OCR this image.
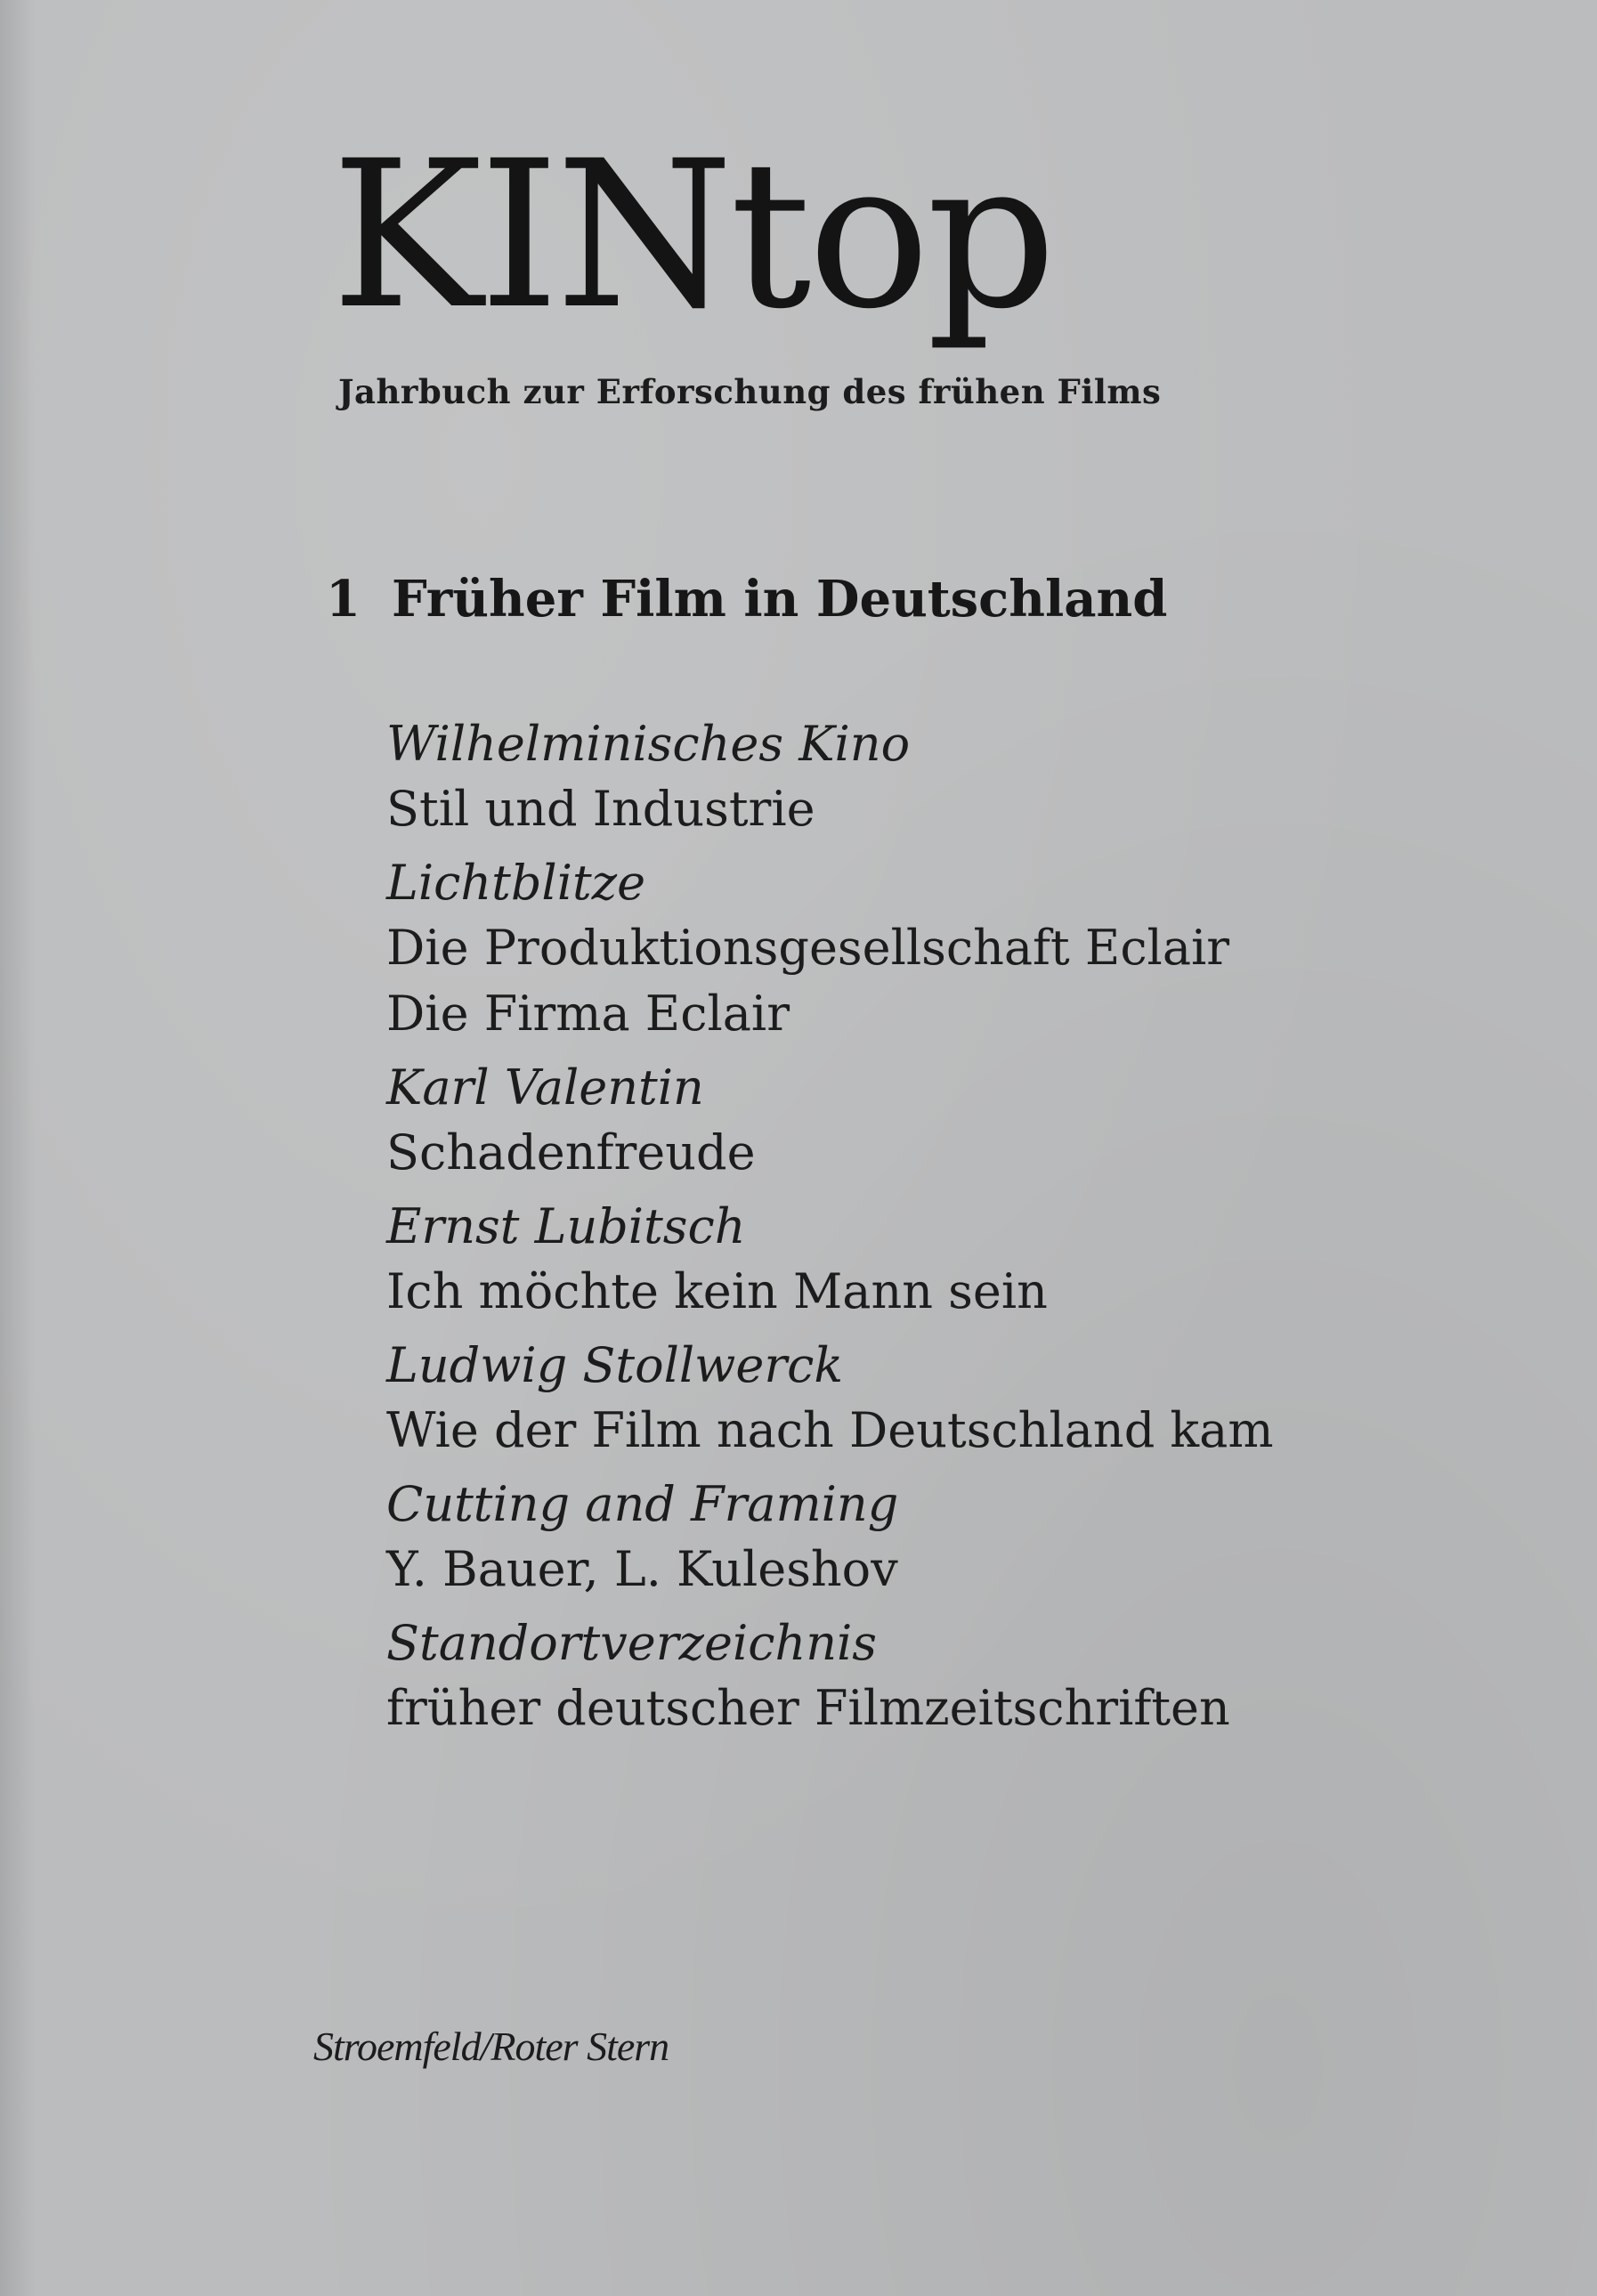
KINtop
Jahrbuch zur Erforschung des frühen Films
1 Früher Film in Deutschland
Wilhelminisches Kino
Stil und Industrie
Lichtblitze
Die Produktionsgesellschaft Eclair
Die Firma Eclair
Karl Valentin
Schadenfreude
Ernst Lubitsch
Ich möchte kein Mann sein
Ludwig Stollwerck
Wie der Film nach Deutschland kam
Cutting and Framing
Y. Bauer, L. Kuleshov
Standortverzeichnis
früher deutscher Filmzeitschriften
Stroemfeld/Roter Stern
